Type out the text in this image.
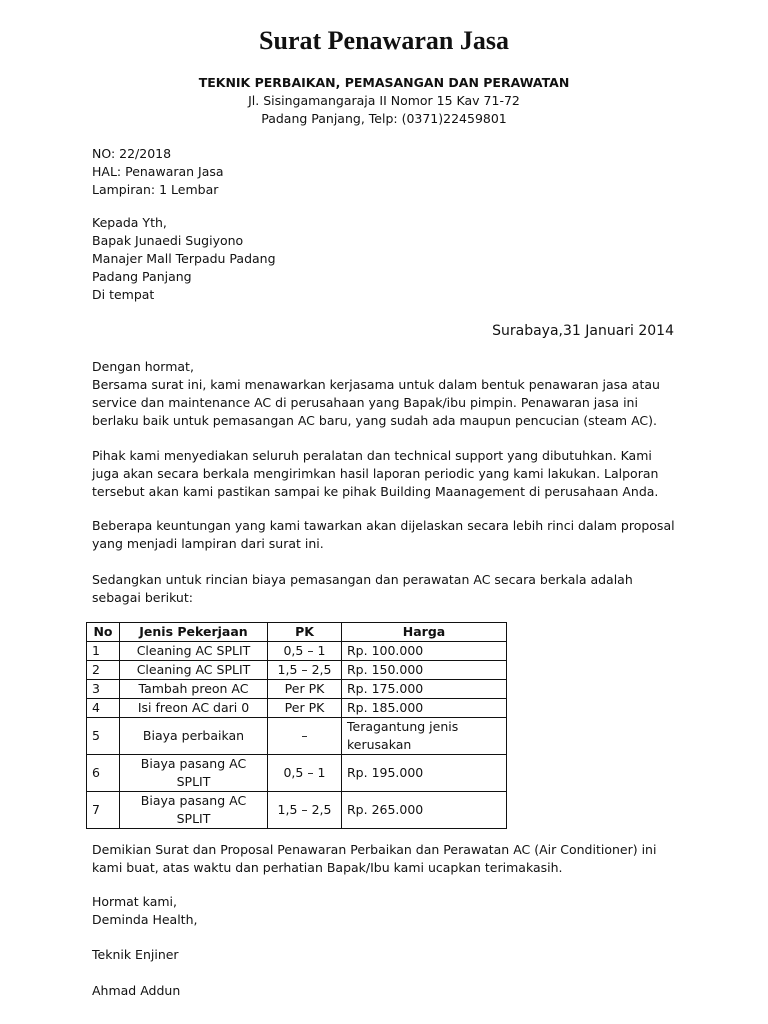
Surat Penawaran Jasa
TEKNIK PERBAIKAN, PEMASANGAN DAN PERAWATAN
Jl. Sisingamangaraja II Nomor 15 Kav 71-72
Padang Panjang, Telp: (0371)22459801
NO: 22/2018
HAL: Penawaran Jasa
Lampiran: 1 Lembar
Kepada Yth,
Bapak Junaedi Sugiyono
Manajer Mall Terpadu Padang
Padang Panjang
Di tempat
Surabaya,31 Januari 2014
Dengan hormat,
Bersama surat ini, kami menawarkan kerjasama untuk dalam bentuk penawaran jasa atau
service dan maintenance AC di perusahaan yang Bapak/ibu pimpin. Penawaran jasa ini
berlaku baik untuk pemasangan AC baru, yang sudah ada maupun pencucian (steam AC).
Pihak kami menyediakan seluruh peralatan dan technical support yang dibutuhkan. Kami
juga akan secara berkala mengirimkan hasil laporan periodic yang kami lakukan. Lalporan
tersebut akan kami pastikan sampai ke pihak Building Maanagement di perusahaan Anda.
Beberapa keuntungan yang kami tawarkan akan dijelaskan secara lebih rinci dalam proposal
yang menjadi lampiran dari surat ini.
Sedangkan untuk rincian biaya pemasangan dan perawatan AC secara berkala adalah
sebagai berikut:
No	Jenis Pekerjaan	PK	Harga
1	Cleaning AC SPLIT	0,5 – 1	Rp. 100.000
2	Cleaning AC SPLIT	1,5 – 2,5	Rp. 150.000
3	Tambah preon AC	Per PK	Rp. 175.000
4	Isi freon AC dari 0	Per PK	Rp. 185.000
5	Biaya perbaikan	–	Teragantung jenis kerusakan
6	Biaya pasang AC SPLIT	0,5 – 1	Rp. 195.000
7	Biaya pasang AC SPLIT	1,5 – 2,5	Rp. 265.000
Demikian Surat dan Proposal Penawaran Perbaikan dan Perawatan AC (Air Conditioner) ini
kami buat, atas waktu dan perhatian Bapak/Ibu kami ucapkan terimakasih.
Hormat kami,
Deminda Health,
Teknik Enjiner
Ahmad Addun
